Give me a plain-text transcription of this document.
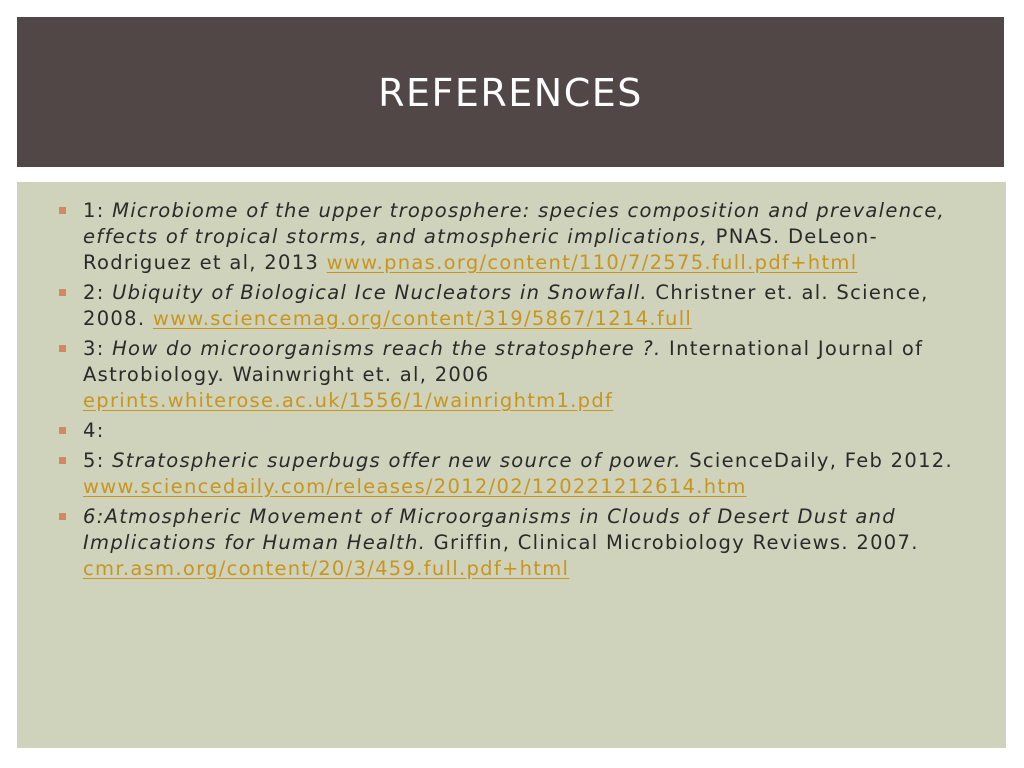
REFERENCES
1: Microbiome of the upper troposphere: species composition and prevalence, effects of tropical storms, and atmospheric implications, PNAS. DeLeon-Rodriguez et al, 2013 www.pnas.org/content/110/7/2575.full.pdf+html
2: Ubiquity of Biological Ice Nucleators in Snowfall. Christner et. al. Science, 2008. www.sciencemag.org/content/319/5867/1214.full
3: How do microorganisms reach the stratosphere ?. International Journal of Astrobiology. Wainwright et. al, 2006 eprints.whiterose.ac.uk/1556/1/wainrightm1.pdf
4:
5: Stratospheric superbugs offer new source of power. ScienceDaily, Feb 2012. www.sciencedaily.com/releases/2012/02/120221212614.htm
6:Atmospheric Movement of Microorganisms in Clouds of Desert Dust and Implications for Human Health. Griffin, Clinical Microbiology Reviews. 2007. cmr.asm.org/content/20/3/459.full.pdf+html
